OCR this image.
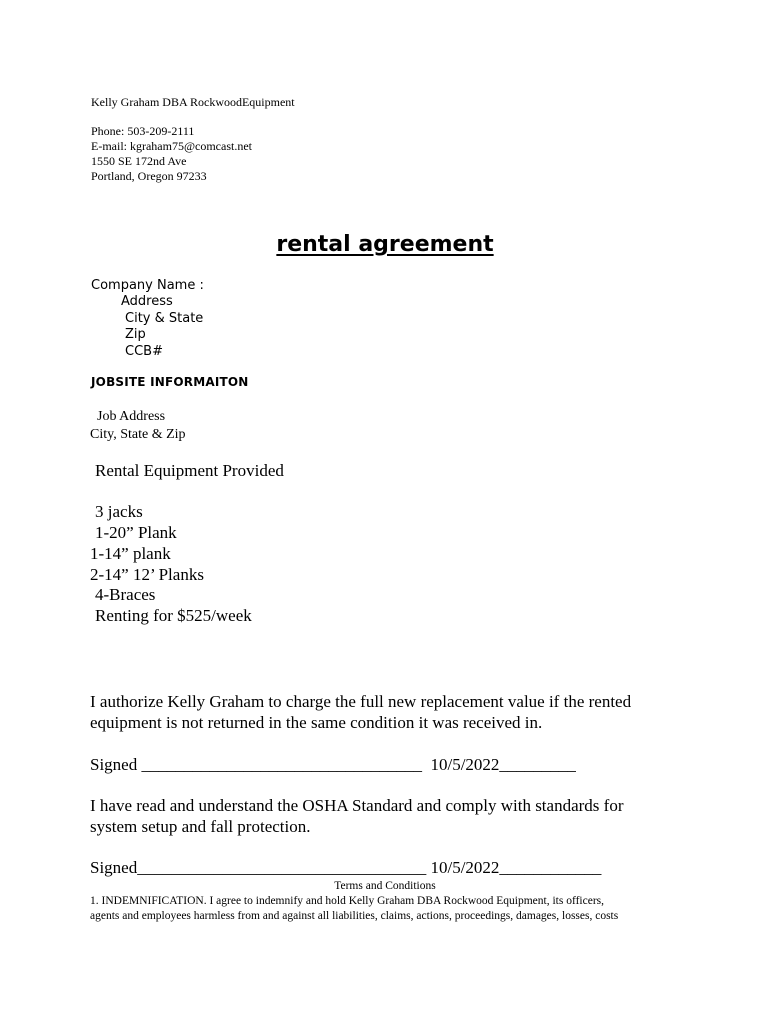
Kelly Graham DBA RockwoodEquipment
Phone: 503-209-2111
E-mail: kgraham75@comcast.net
1550 SE 172nd Ave
Portland, Oregon 97233
rental agreement
Company Name :
Address
City & State
Zip
CCB#
JOBSITE INFORMAITON
Job Address
City, State & Zip
Rental Equipment Provided
3 jacks
1-20” Plank
1-14” plank
2-14” 12’ Planks
4-Braces
Renting for $525/week
I authorize Kelly Graham to charge the full new replacement value if the rented
equipment is not returned in the same condition it was received in.
Signed _________________________________  10/5/2022_________
I have read and understand the OSHA Standard and comply with standards for
system setup and fall protection.
Signed__________________________________ 10/5/2022____________
Terms and Conditions
1. INDEMNIFICATION. I agree to indemnify and hold Kelly Graham DBA Rockwood Equipment, its officers,
agents and employees harmless from and against all liabilities, claims, actions, proceedings, damages, losses, costs
